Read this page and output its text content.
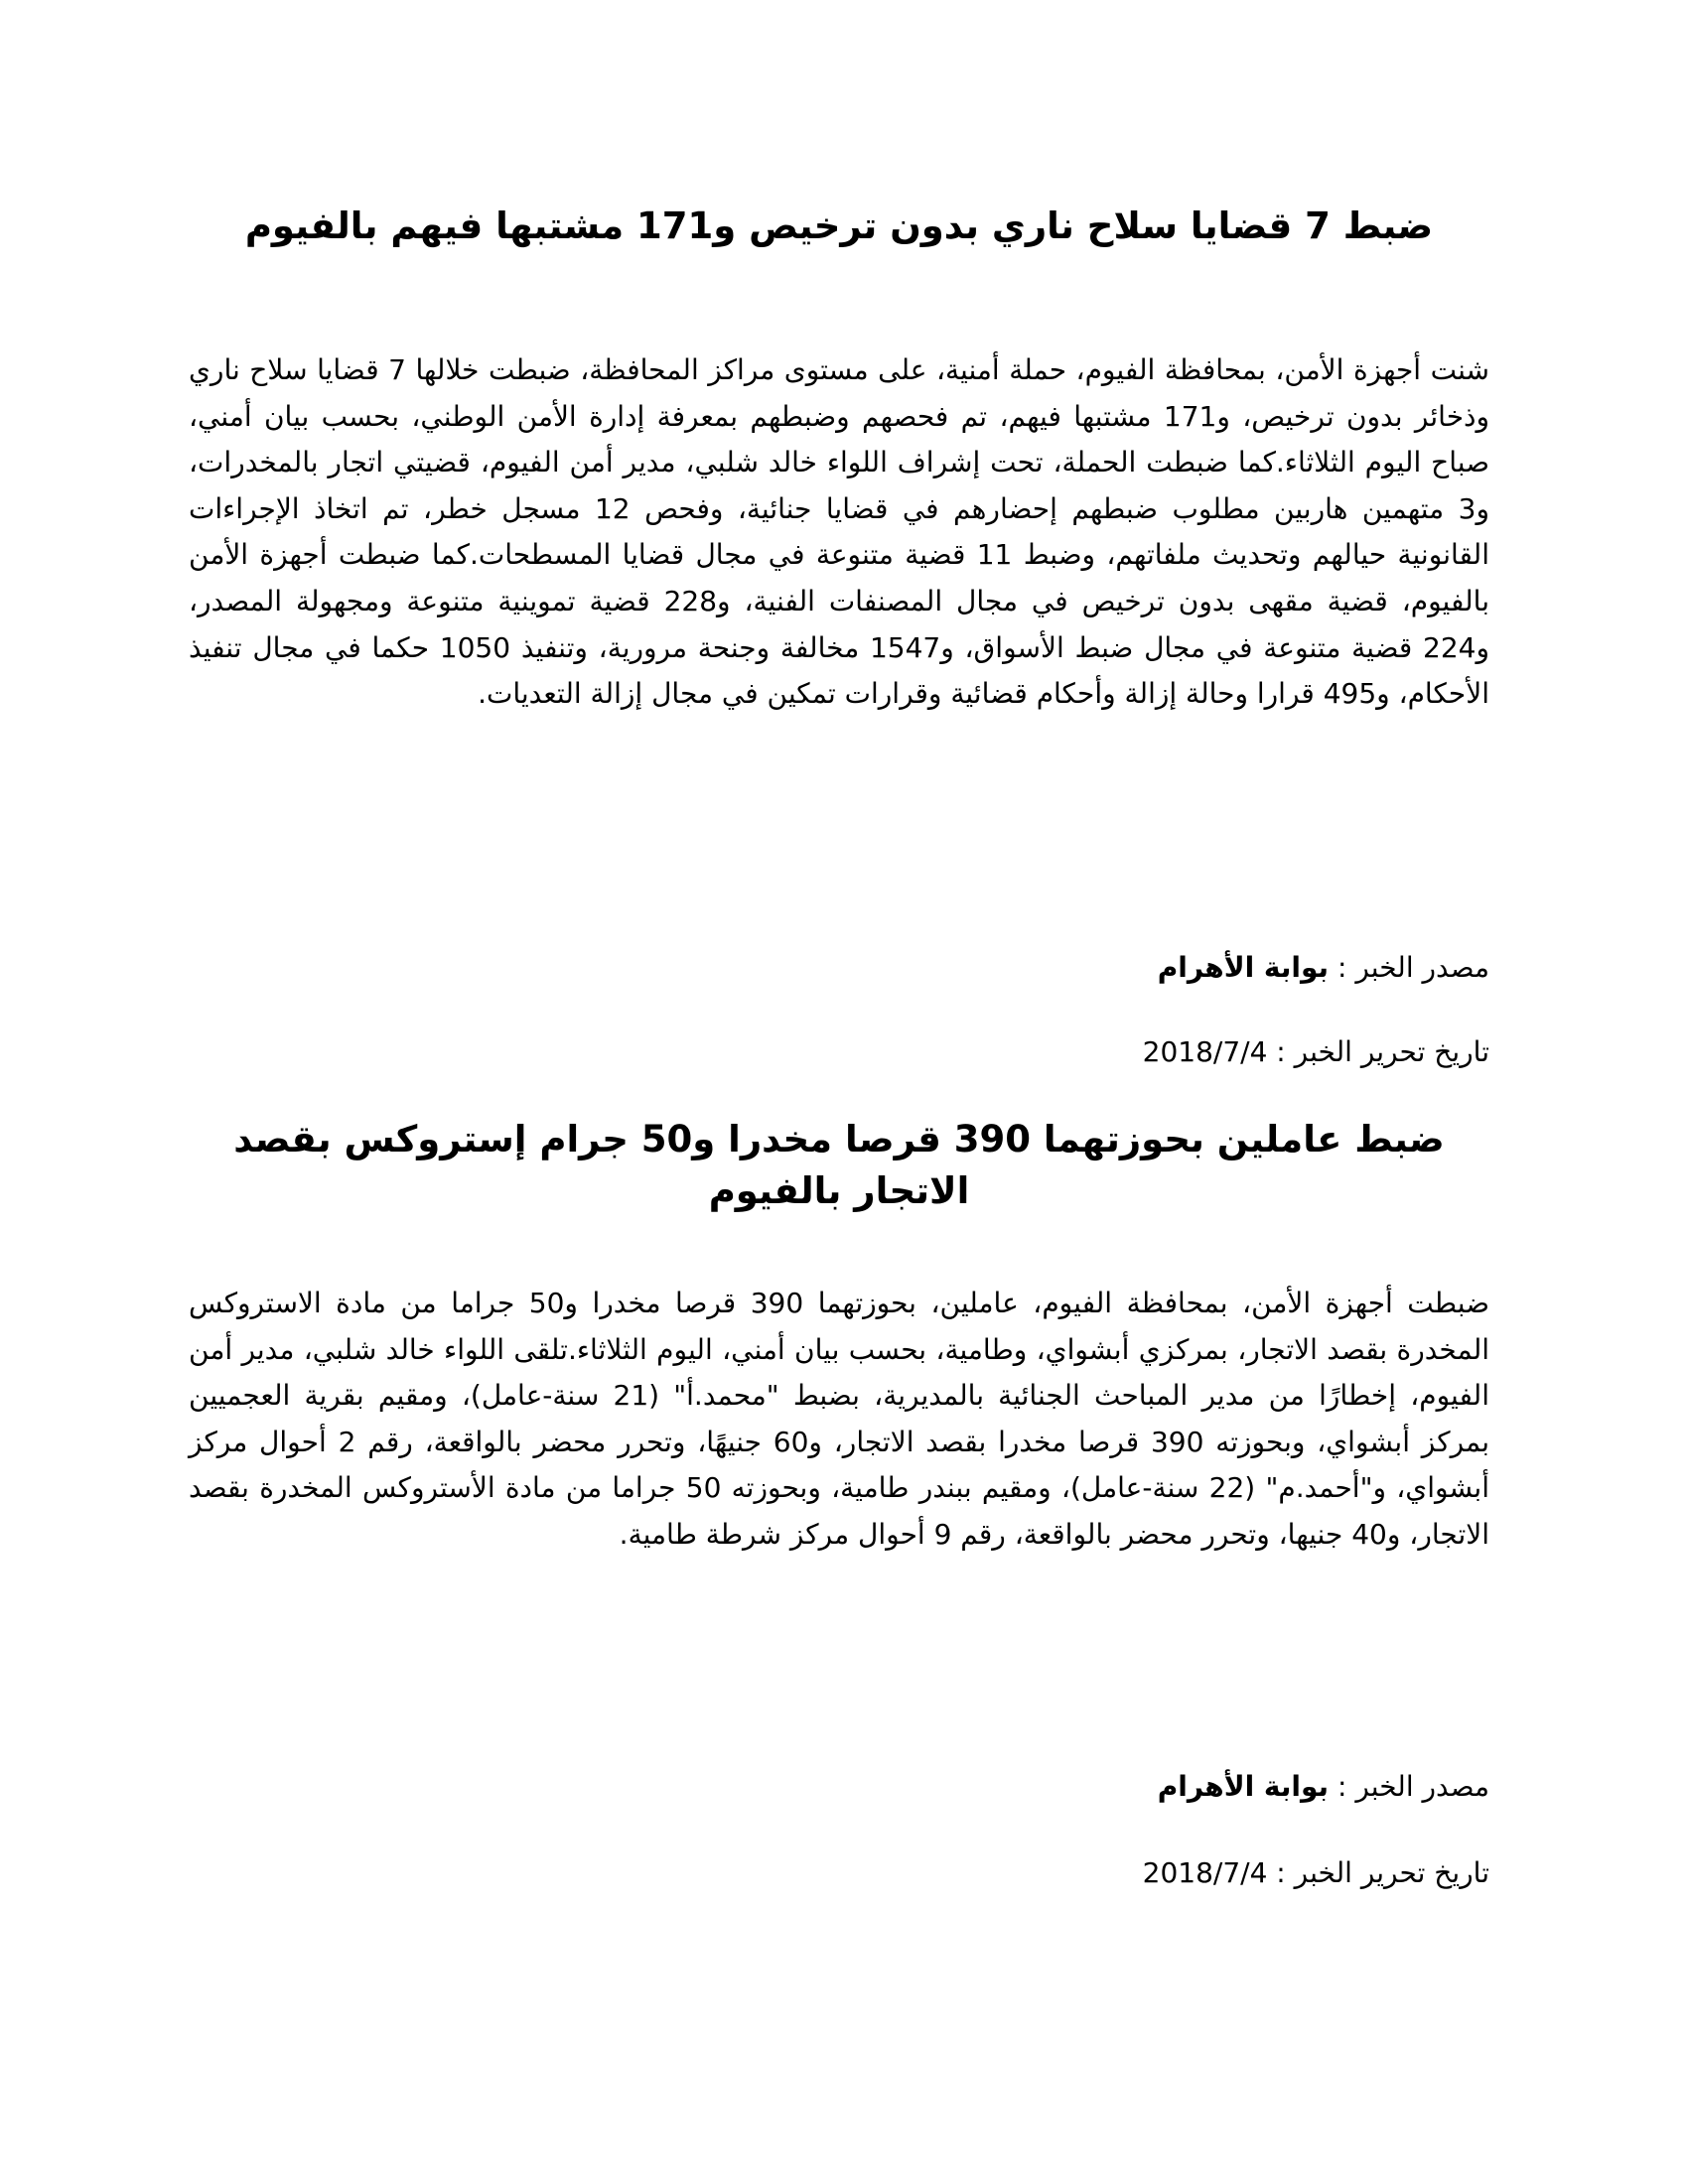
ضبط 7 قضايا سلاح ناري بدون ترخيص و171 مشتبها فيهم بالفيوم

شنت أجهزة الأمن، بمحافظة الفيوم، حملة أمنية، على مستوى مراكز المحافظة، ضبطت خلالها 7 قضايا سلاح ناري وذخائر بدون ترخيص، و171 مشتبها فيهم، تم فحصهم وضبطهم بمعرفة إدارة الأمن الوطني، بحسب بيان أمني، صباح اليوم الثلاثاء.كما ضبطت الحملة، تحت إشراف اللواء خالد شلبي، مدير أمن الفيوم، قضيتي اتجار بالمخدرات، و3 متهمين هاربين مطلوب ضبطهم إحضارهم في قضايا جنائية، وفحص 12 مسجل خطر، تم اتخاذ الإجراءات القانونية حيالهم وتحديث ملفاتهم، وضبط 11 قضية متنوعة في مجال قضايا المسطحات.كما ضبطت أجهزة الأمن بالفيوم، قضية مقهى بدون ترخيص في مجال المصنفات الفنية، و228 قضية تموينية متنوعة ومجهولة المصدر، و224 قضية متنوعة في مجال ضبط الأسواق، و1547 مخالفة وجنحة مرورية، وتنفيذ 1050 حكما في مجال تنفيذ الأحكام، و495 قرارا وحالة إزالة وأحكام قضائية وقرارات تمكين في مجال إزالة التعديات.

مصدر الخبر : بوابة الأهرام

تاريخ تحرير الخبر : 2018/7/4

ضبط عاملين بحوزتهما 390 قرصا مخدرا و50 جرام إستروكس بقصد الاتجار بالفيوم

ضبطت أجهزة الأمن، بمحافظة الفيوم، عاملين، بحوزتهما 390 قرصا مخدرا و50 جراما من مادة الاستروكس المخدرة بقصد الاتجار، بمركزي أبشواي، وطامية، بحسب بيان أمني، اليوم الثلاثاء.تلقى اللواء خالد شلبي، مدير أمن الفيوم، إخطارًا من مدير المباحث الجنائية بالمديرية، بضبط "محمد.أ" (21 سنة-عامل)، ومقيم بقرية العجميين بمركز أبشواي، وبحوزته 390 قرصا مخدرا بقصد الاتجار، و60 جنيهًا، وتحرر محضر بالواقعة، رقم 2 أحوال مركز أبشواي، و"أحمد.م" (22 سنة-عامل)، ومقيم ببندر طامية، وبحوزته 50 جراما من مادة الأستروكس المخدرة بقصد الاتجار، و40 جنيها، وتحرر محضر بالواقعة، رقم 9 أحوال مركز شرطة طامية.

مصدر الخبر : بوابة الأهرام

تاريخ تحرير الخبر : 2018/7/4
